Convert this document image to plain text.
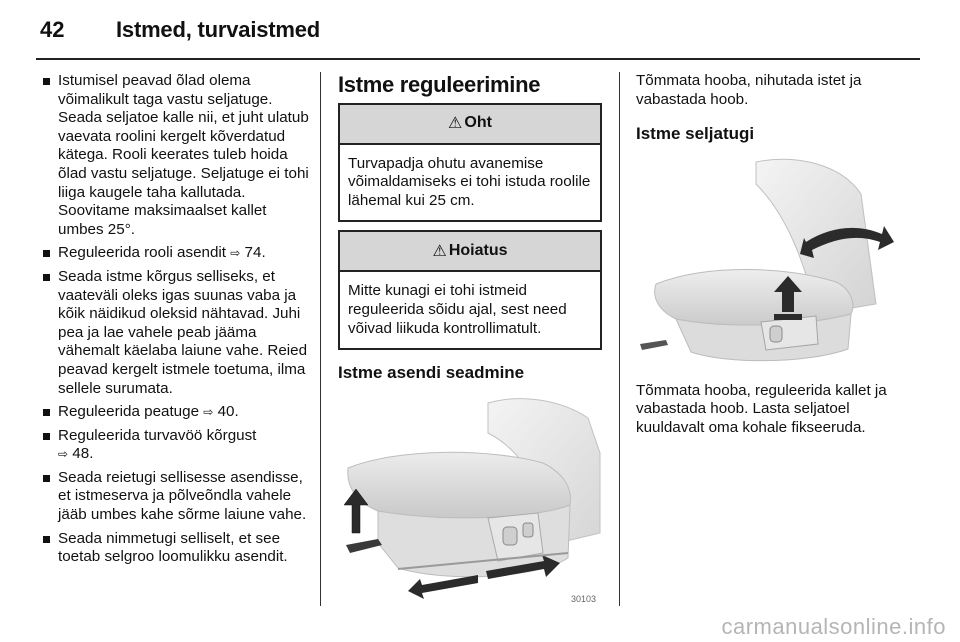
42 Istmed, turvaistmed
Istumisel peavad õlad olema võimalikult taga vastu seljatuge. Seada seljatoe kalle nii, et juht ulatub vaevata roolini kergelt kõverdatud kätega. Rooli keerates tuleb hoida õlad vastu seljatuge. Seljatuge ei tohi liiga kaugele taha kallutada. Soovitame maksimaalset kallet umbes 25°.
Reguleerida rooli asendit ⇨ 74.
Seada istme kõrgus selliseks, et vaateväli oleks igas suunas vaba ja kõik näidikud oleksid nähtavad. Juhi pea ja lae vahele peab jääma vähemalt käelaba laiune vahe. Reied peavad kergelt istmele toetuma, ilma sellele surumata.
Reguleerida peatuge ⇨ 40.
Reguleerida turvavöö kõrgust
⇨ 48.
Seada reietugi sellisesse asendisse, et istmeserva ja põlveõndla vahele jääb umbes kahe sõrme laiune vahe.
Seada nimmetugi selliselt, et see toetab selgroo loomulikku asendit.
Istme reguleerimine
⚠ Oht
Turvapadja ohutu avanemise võimaldamiseks ei tohi istuda roolile lähemal kui 25 cm.
⚠ Hoiatus
Mitte kunagi ei tohi istmeid reguleerida sõidu ajal, sest need võivad liikuda kontrollimatult.
Istme asendi seadmine
30103
Tõmmata hooba, nihutada istet ja vabastada hoob.
Istme seljatugi
Tõmmata hooba, reguleerida kallet ja vabastada hoob. Lasta seljatoel kuuldavalt oma kohale fikseeruda.
carmanualsonline.info
